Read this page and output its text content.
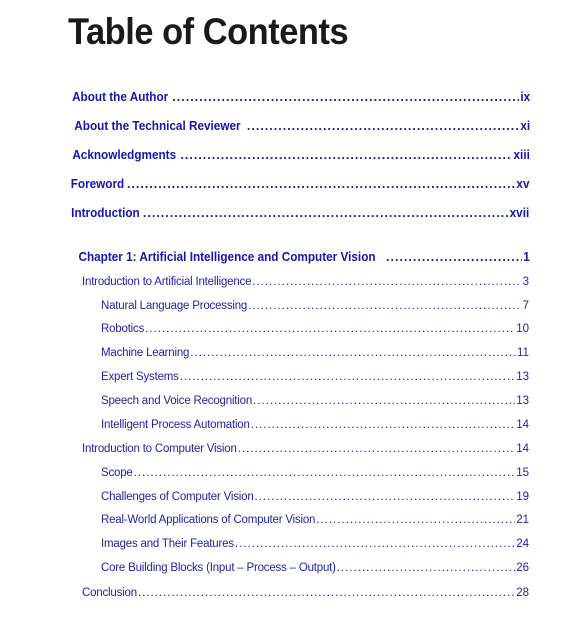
Table of Contents
About the Author .....	ix
About the Technical Reviewer .....	xi
Acknowledgments .....	xiii
Foreword .....	xv
Introduction .....	xvii
Chapter 1: Artificial Intelligence and Computer Vision .....	1
Introduction to Artificial Intelligence .....	3
Natural Language Processing .....	7
Robotics .....	10
Machine Learning .....	11
Expert Systems .....	13
Speech and Voice Recognition .....	13
Intelligent Process Automation .....	14
Introduction to Computer Vision .....	14
Scope .....	15
Challenges of Computer Vision .....	19
Real-World Applications of Computer Vision .....	21
Images and Their Features .....	24
Core Building Blocks (Input – Process – Output) .....	26
Conclusion .....	28
